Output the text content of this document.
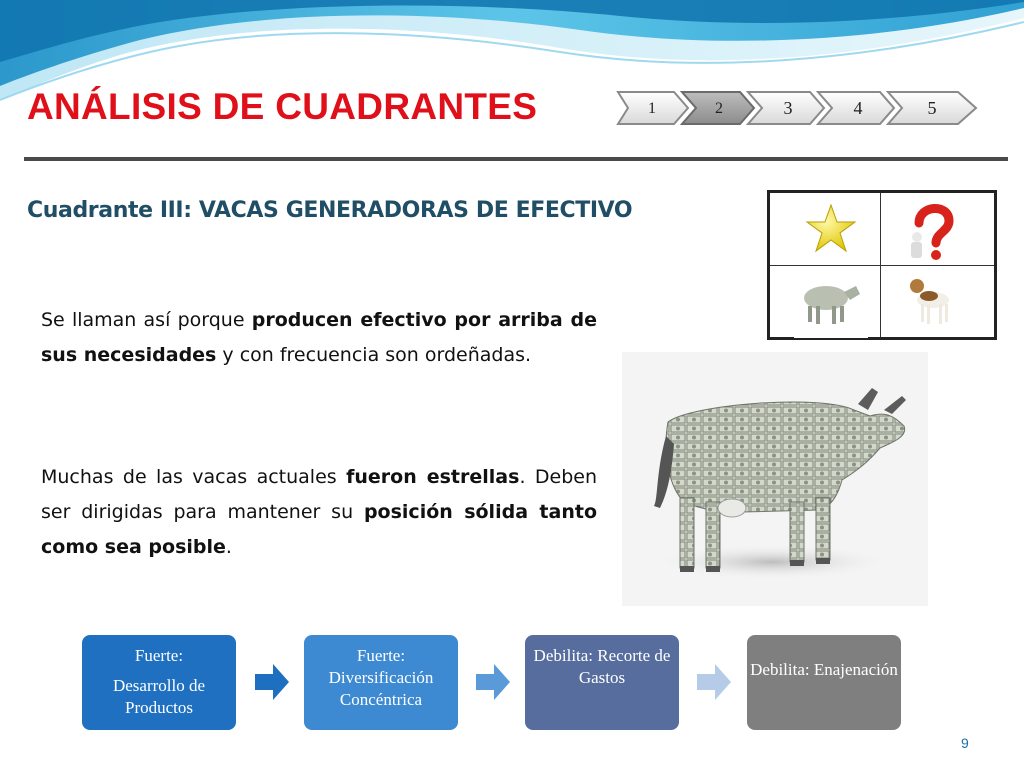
ANÁLISIS DE CUADRANTES	1	2	3	4	5
Cuadrante III: VACAS GENERADORAS DE EFECTIVO

Se llaman así porque producen efectivo por arriba de sus necesidades y con frecuencia son ordeñadas.

Muchas de las vacas actuales fueron estrellas. Deben ser dirigidas para mantener su posición sólida tanto como sea posible.

Fuerte:
Desarrollo de Productos
Fuerte: Diversificación Concéntrica
Debilita: Recorte de Gastos	Debilita: Enajenación
9
